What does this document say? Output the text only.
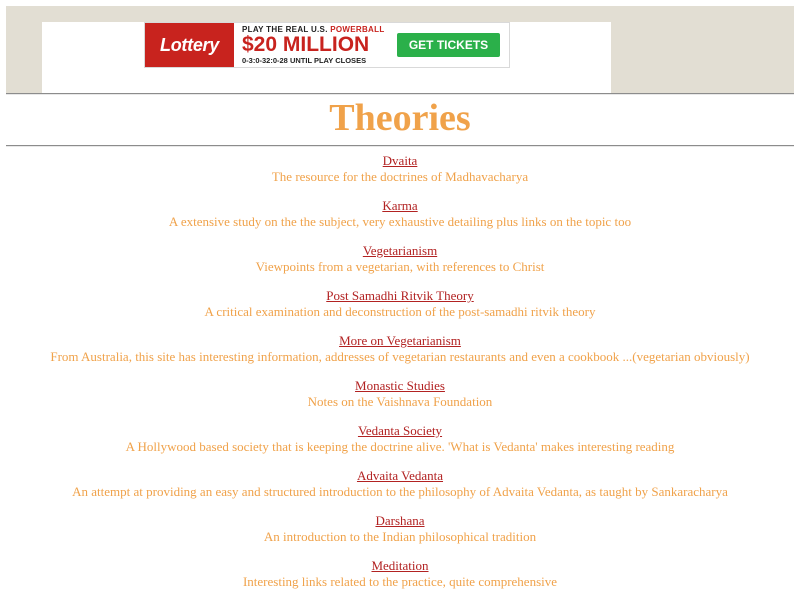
Lottery
PLAY THE REAL U.S. POWERBALL
$20 MILLION
0-3:0-32:0-28 UNTIL PLAY CLOSES
GET TICKETS
Theories
Dvaita
The resource for the doctrines of Madhavacharya
Karma
A extensive study on the the subject, very exhaustive detailing plus links on the topic too
Vegetarianism
Viewpoints from a vegetarian, with references to Christ
Post Samadhi Ritvik Theory
A critical examination and deconstruction of the post-samadhi ritvik theory
More on Vegetarianism
From Australia, this site has interesting information, addresses of vegetarian restaurants and even a cookbook ...(vegetarian obviously)
Monastic Studies
Notes on the Vaishnava Foundation
Vedanta Society
A Hollywood based society that is keeping the doctrine alive. 'What is Vedanta' makes interesting reading
Advaita Vedanta
An attempt at providing an easy and structured introduction to the philosophy of Advaita Vedanta, as taught by Sankaracharya
Darshana
An introduction to the Indian philosophical tradition
Meditation
Interesting links related to the practice, quite comprehensive
